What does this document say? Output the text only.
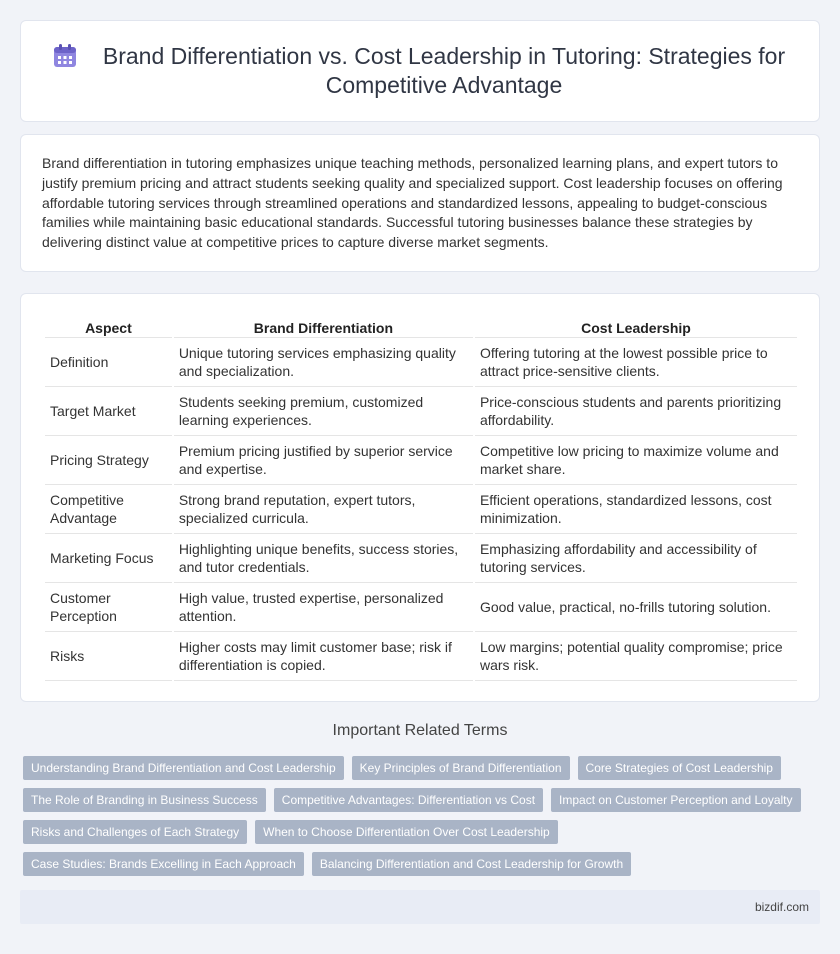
Brand Differentiation vs. Cost Leadership in Tutoring: Strategies for Competitive Advantage

Brand differentiation in tutoring emphasizes unique teaching methods, personalized learning plans, and expert tutors to justify premium pricing and attract students seeking quality and specialized support. Cost leadership focuses on offering affordable tutoring services through streamlined operations and standardized lessons, appealing to budget-conscious families while maintaining basic educational standards. Successful tutoring businesses balance these strategies by delivering distinct value at competitive prices to capture diverse market segments.

Aspect	Brand Differentiation	Cost Leadership
Definition	Unique tutoring services emphasizing quality and specialization.	Offering tutoring at the lowest possible price to attract price-sensitive clients.
Target Market	Students seeking premium, customized learning experiences.	Price-conscious students and parents prioritizing affordability.
Pricing Strategy	Premium pricing justified by superior service and expertise.	Competitive low pricing to maximize volume and market share.
Competitive Advantage	Strong brand reputation, expert tutors, specialized curricula.	Efficient operations, standardized lessons, cost minimization.
Marketing Focus	Highlighting unique benefits, success stories, and tutor credentials.	Emphasizing affordability and accessibility of tutoring services.
Customer Perception	High value, trusted expertise, personalized attention.	Good value, practical, no-frills tutoring solution.
Risks	Higher costs may limit customer base; risk if differentiation is copied.	Low margins; potential quality compromise; price wars risk.
Important Related Terms
Understanding Brand Differentiation and Cost Leadership	Key Principles of Brand Differentiation	Core Strategies of Cost Leadership
The Role of Branding in Business Success	Competitive Advantages: Differentiation vs Cost	Impact on Customer Perception and Loyalty
Risks and Challenges of Each Strategy	When to Choose Differentiation Over Cost Leadership
Case Studies: Brands Excelling in Each Approach	Balancing Differentiation and Cost Leadership for Growth
bizdif.com
